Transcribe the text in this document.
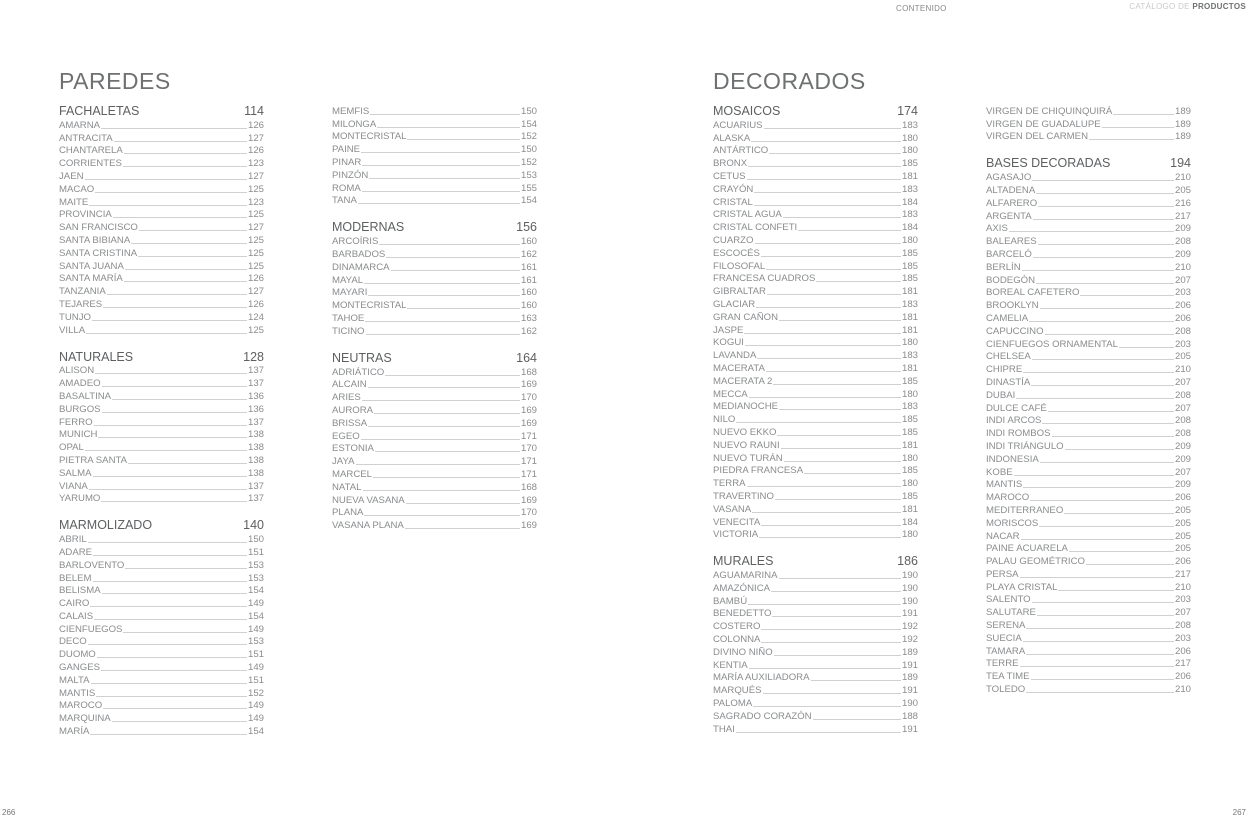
CONTENIDO	CATÁLOGO DE PRODUCTOS
PAREDES	DECORADOS
FACHALETAS	114
AMARNA	126
ANTRACITA	127
CHANTARELA	126
CORRIENTES	123
JAEN	127
MACAO	125
MAITE	123
PROVINCIA	125
SAN FRANCISCO	127
SANTA BIBIANA	125
SANTA CRISTINA	125
SANTA JUANA	125
SANTA MARÍA	126
TANZANIA	127
TEJARES	126
TUNJO	124
VILLA	125
NATURALES	128
ALISON	137
AMADEO	137
BASALTINA	136
BURGOS	136
FERRO	137
MUNICH	138
OPAL	138
PIETRA SANTA	138
SALMA	138
VIANA	137
YARUMO	137
MARMOLIZADO	140
ABRIL	150
ADARE	151
BARLOVENTO	153
BELEM	153
BELISMA	154
CAIRO	149
CALAIS	154
CIENFUEGOS	149
DECO	153
DUOMO	151
GANGES	149
MALTA	151
MANTIS	152
MAROCO	149
MARQUINA	149
MARÍA	154
MEMFIS	150
MILONGA	154
MONTECRISTAL	152
PAINE	150
PINAR	152
PINZÓN	153
ROMA	155
TANA	154
MODERNAS	156
ARCOÍRIS	160
BARBADOS	162
DINAMARCA	161
MAYAL	161
MAYARI	160
MONTECRISTAL	160
TAHOE	163
TICINO	162
NEUTRAS	164
ADRIÁTICO	168
ALCAIN	169
ARIES	170
AURORA	169
BRISSA	169
EGEO	171
ESTONIA	170
JAYA	171
MARCEL	171
NATAL	168
NUEVA VASANA	169
PLANA	170
VASANA PLANA	169
MOSAICOS	174
ACUARIUS	183
ALASKA	180
ANTÁRTICO	180
BRONX	185
CETUS	181
CRAYÓN	183
CRISTAL	184
CRISTAL AGUA	183
CRISTAL CONFETI	184
CUARZO	180
ESCOCÉS	185
FILOSOFAL	185
FRANCESA CUADROS	185
GIBRALTAR	181
GLACIAR	183
GRAN CAÑON	181
JASPE	181
KOGUI	180
LAVANDA	183
MACERATA	181
MACERATA 2	185
MECCA	180
MEDIANOCHE	183
NILO	185
NUEVO EKKO	185
NUEVO RAUNI	181
NUEVO TURÁN	180
PIEDRA FRANCESA	185
TERRA	180
TRAVERTINO	185
VASANA	181
VENECITA	184
VICTORIA	180
MURALES	186
AGUAMARINA	190
AMAZÓNICA	190
BAMBÚ	190
BENEDETTO	191
COSTERO	192
COLONNA	192
DIVINO NIÑO	189
KENTIA	191
MARÍA AUXILIADORA	189
MARQUÉS	191
PALOMA	190
SAGRADO CORAZÓN	188
THAI	191
VIRGEN DE CHIQUINQUIRÁ	189
VIRGEN DE GUADALUPE	189
VIRGEN DEL CARMEN	189
BASES DECORADAS	194
AGASAJO	210
ALTADENA	205
ALFARERO	216
ARGENTA	217
AXIS	209
BALEARES	208
BARCELÓ	209
BERLÍN	210
BODEGÓN	207
BOREAL CAFETERO	203
BROOKLYN	206
CAMELIA	206
CAPUCCINO	208
CIENFUEGOS ORNAMENTAL	203
CHELSEA	205
CHIPRE	210
DINASTÍA	207
DUBAI	208
DULCE CAFÉ	207
INDI ARCOS	208
INDI ROMBOS	208
INDI TRIÁNGULO	209
INDONESIA	209
KOBE	207
MANTIS	209
MAROCO	206
MEDITERRANEO	205
MORISCOS	205
NACAR	205
PAINE ACUARELA	205
PALAU GEOMÉTRICO	206
PERSA	217
PLAYA CRISTAL	210
SALENTO	203
SALUTARE	207
SERENA	208
SUECIA	203
TAMARA	206
TERRE	217
TEA TIME	206
TOLEDO	210
266	267
